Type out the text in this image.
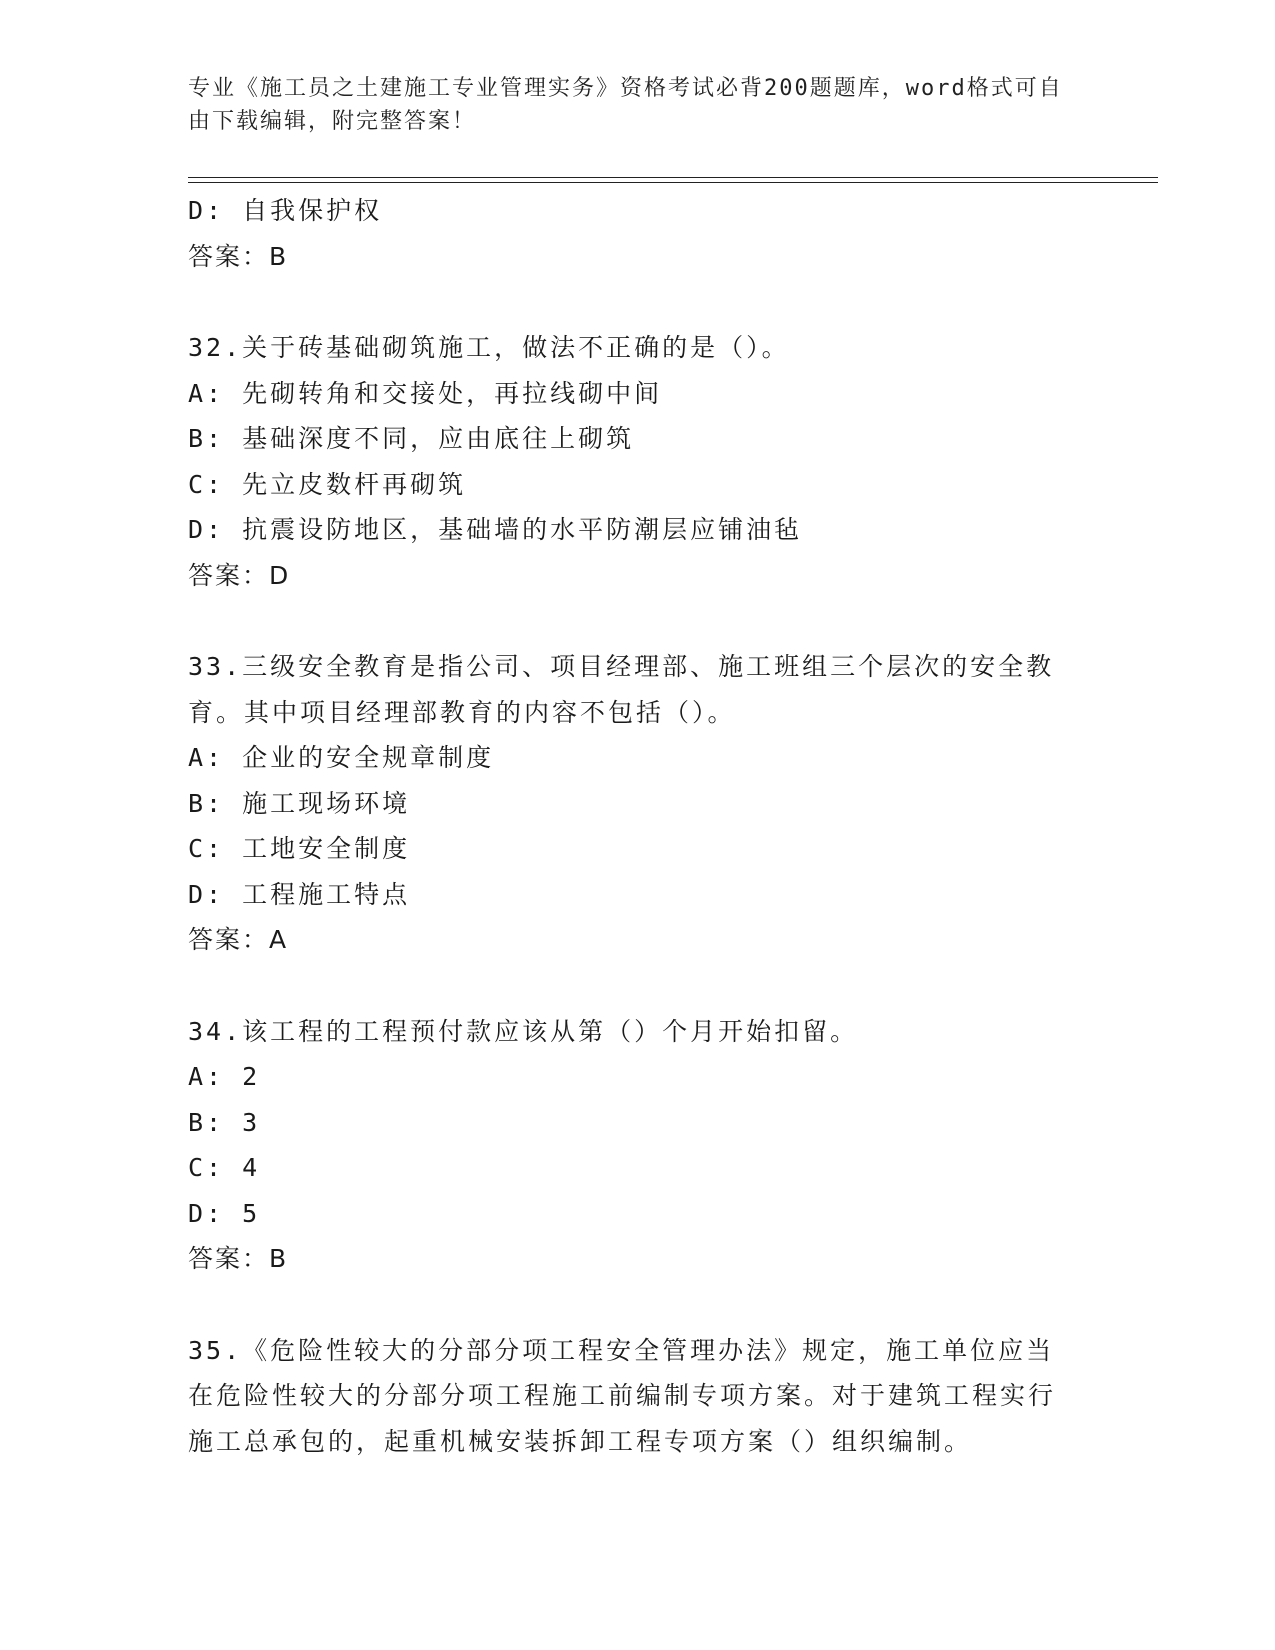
专业《施工员之土建施工专业管理实务》资格考试必背200题题库，word格式可自由下载编辑，附完整答案！
D: 自我保护权
答案：B
32.关于砖基础砌筑施工，做法不正确的是（）。
A: 先砌转角和交接处，再拉线砌中间
B: 基础深度不同，应由底往上砌筑
C: 先立皮数杆再砌筑
D: 抗震设防地区，基础墙的水平防潮层应铺油毡
答案：D
33.三级安全教育是指公司、项目经理部、施工班组三个层次的安全教育。其中项目经理部教育的内容不包括（）。
A: 企业的安全规章制度
B: 施工现场环境
C: 工地安全制度
D: 工程施工特点
答案：A
34.该工程的工程预付款应该从第（）个月开始扣留。
A: 2
B: 3
C: 4
D: 5
答案：B
35.《危险性较大的分部分项工程安全管理办法》规定，施工单位应当在危险性较大的分部分项工程施工前编制专项方案。对于建筑工程实行施工总承包的，起重机械安装拆卸工程专项方案（）组织编制。
